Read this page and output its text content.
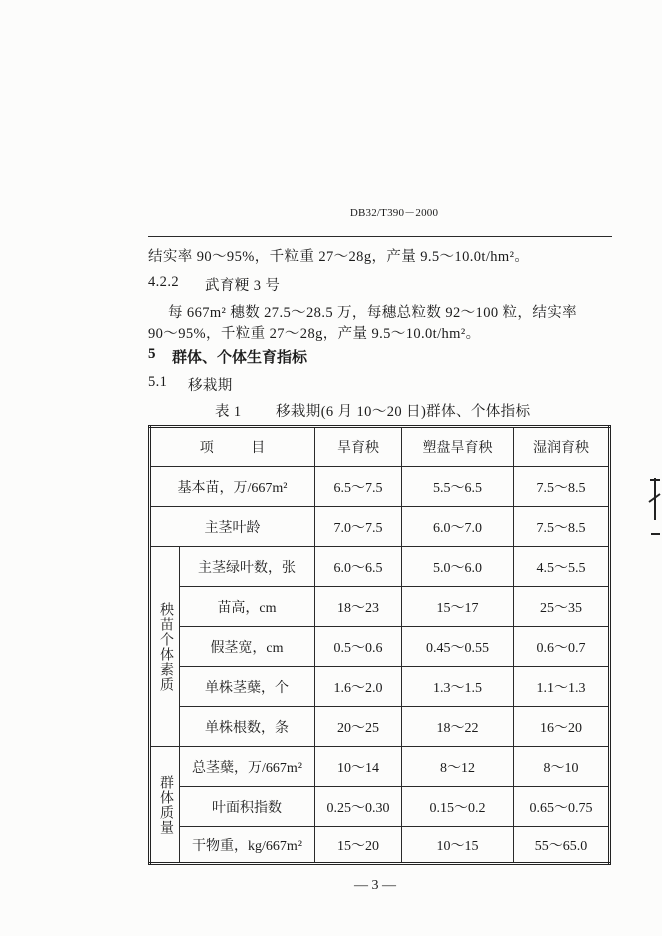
DB32/T390－2000
结实率 90～95%，千粒重 27～28g，产量 9.5～10.0t/hm²。
4.2.2 武育粳 3 号
每 667m² 穗数 27.5～28.5 万，每穗总粒数 92～100 粒，结实率
90～95%，千粒重 27～28g，产量 9.5～10.0t/hm²。
5 群体、个体生育指标
5.1 移栽期
表 1 移栽期(6 月 10～20 日)群体、个体指标
项 目		旱育秧	塑盘旱育秧	湿润育秧
基本苗，万/667m²		6.5～7.5	5.5～6.5	7.5～8.5
主茎叶龄		7.0～7.5	6.0～7.0	7.5～8.5
秧苗个体素质	主茎绿叶数，张	6.0～6.5	5.0～6.0	4.5～5.5
	苗高，cm	18～23	15～17	25～35
	假茎宽，cm	0.5～0.6	0.45～0.55	0.6～0.7
	单株茎蘖，个	1.6～2.0	1.3～1.5	1.1～1.3
	单株根数，条	20～25	18～22	16～20
群体质量	总茎蘖，万/667m²	10～14	8～12	8～10
	叶面积指数	0.25～0.30	0.15～0.2	0.65～0.75
	干物重，kg/667m²	15～20	10～15	55～65.0
— 3 —
